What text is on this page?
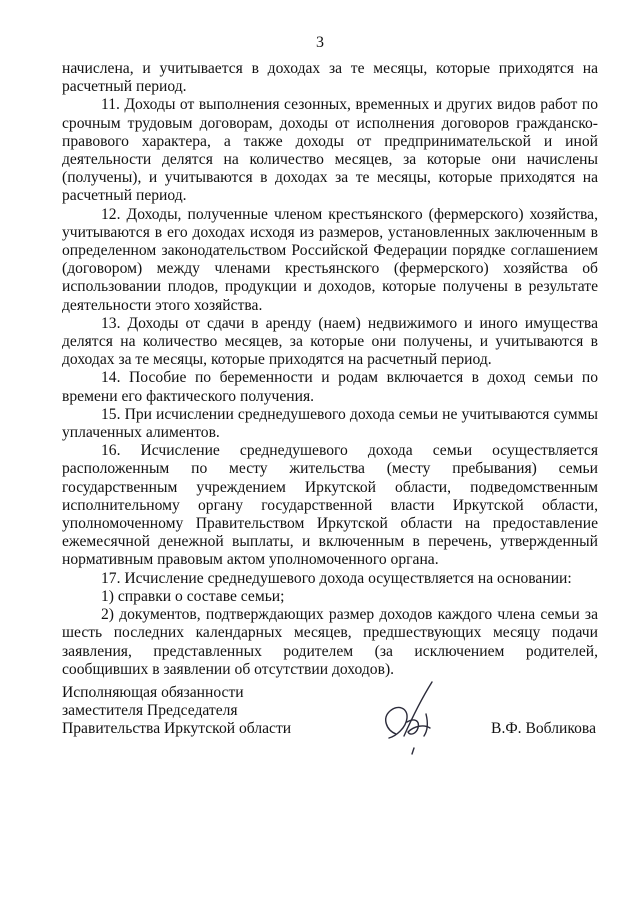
3

начислена, и учитывается в доходах за те месяцы, которые приходятся на расчетный период.

11. Доходы от выполнения сезонных, временных и других видов работ по срочным трудовым договорам, доходы от исполнения договоров гражданско-правового характера, а также доходы от предпринимательской и иной деятельности делятся на количество месяцев, за которые они начислены (получены), и учитываются в доходах за те месяцы, которые приходятся на расчетный период.

12. Доходы, полученные членом крестьянского (фермерского) хозяйства, учитываются в его доходах исходя из размеров, установленных заключенным в определенном законодательством Российской Федерации порядке соглашением (договором) между членами крестьянского (фермерского) хозяйства об использовании плодов, продукции и доходов, которые получены в результате деятельности этого хозяйства.

13. Доходы от сдачи в аренду (наем) недвижимого и иного имущества делятся на количество месяцев, за которые они получены, и учитываются в доходах за те месяцы, которые приходятся на расчетный период.

14. Пособие по беременности и родам включается в доход семьи по времени его фактического получения.

15. При исчислении среднедушевого дохода семьи не учитываются суммы уплаченных алиментов.

16. Исчисление среднедушевого дохода семьи осуществляется расположенным по месту жительства (месту пребывания) семьи государственным учреждением Иркутской области, подведомственным исполнительному органу государственной власти Иркутской области, уполномоченному Правительством Иркутской области на предоставление ежемесячной денежной выплаты, и включенным в перечень, утвержденный нормативным правовым актом уполномоченного органа.

17. Исчисление среднедушевого дохода осуществляется на основании:

1) справки о составе семьи;

2) документов, подтверждающих размер доходов каждого члена семьи за шесть последних календарных месяцев, предшествующих месяцу подачи заявления, представленных родителем (за исключением родителей, сообщивших в заявлении об отсутствии доходов).

Исполняющая обязанности
заместителя Председателя
Правительства Иркутской области	В.Ф. Вобликова
